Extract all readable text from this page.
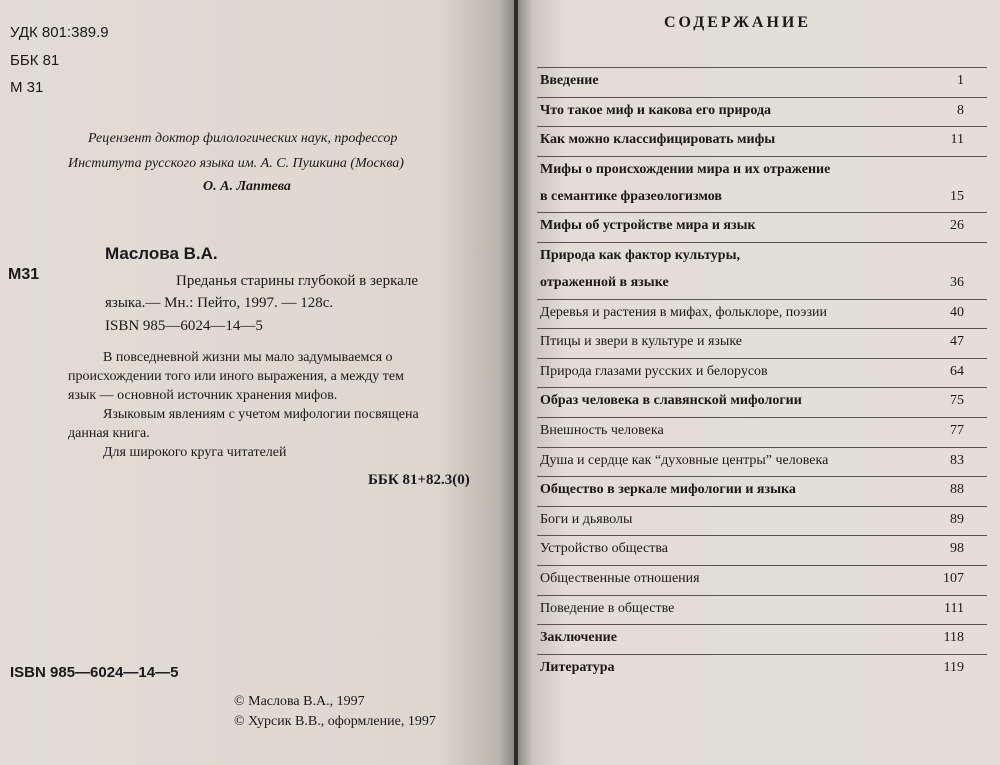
УДК 801:389.9
ББК 81
М 31
Рецензент доктор филологических наук, профессор
Института русского языка им. А. С. Пушкина (Москва)
О. А. Лаптева
М31
Маслова В.А.
Преданья старины глубокой в зеркале
языка.— Мн.: Пейто, 1997. — 128с.
ISBN 985—6024—14—5
В повседневной жизни мы мало задумываемся о
происхождении того или иного выражения, а между тем
язык — основной источник хранения мифов.
Языковым явлениям с учетом мифологии посвящена
данная книга.
Для широкого круга читателей
ББК 81+82.3(0)
ISBN 985—6024—14—5
© Маслова В.А., 1997
© Хурсик В.В., оформление, 1997
СОДЕРЖАНИЕ
Введение	1
Что такое миф и какова его природа	8
Как можно классифицировать мифы	11
Мифы о происхождении мира и их отражение
в семантике фразеологизмов	15
Мифы об устройстве мира и язык	26
Природа как фактор культуры,
отраженной в языке	36
Деревья и растения в мифах, фольклоре, поэзии	40
Птицы и звери в культуре и языке	47
Природа глазами русских и белорусов	64
Образ человека в славянской мифологии	75
Внешность человека	77
Душа и сердце как “духовные центры” человека	83
Общество в зеркале мифологии и языка	88
Боги и дьяволы	89
Устройство общества	98
Общественные отношения	107
Поведение в обществе	111
Заключение	118
Литература	119
